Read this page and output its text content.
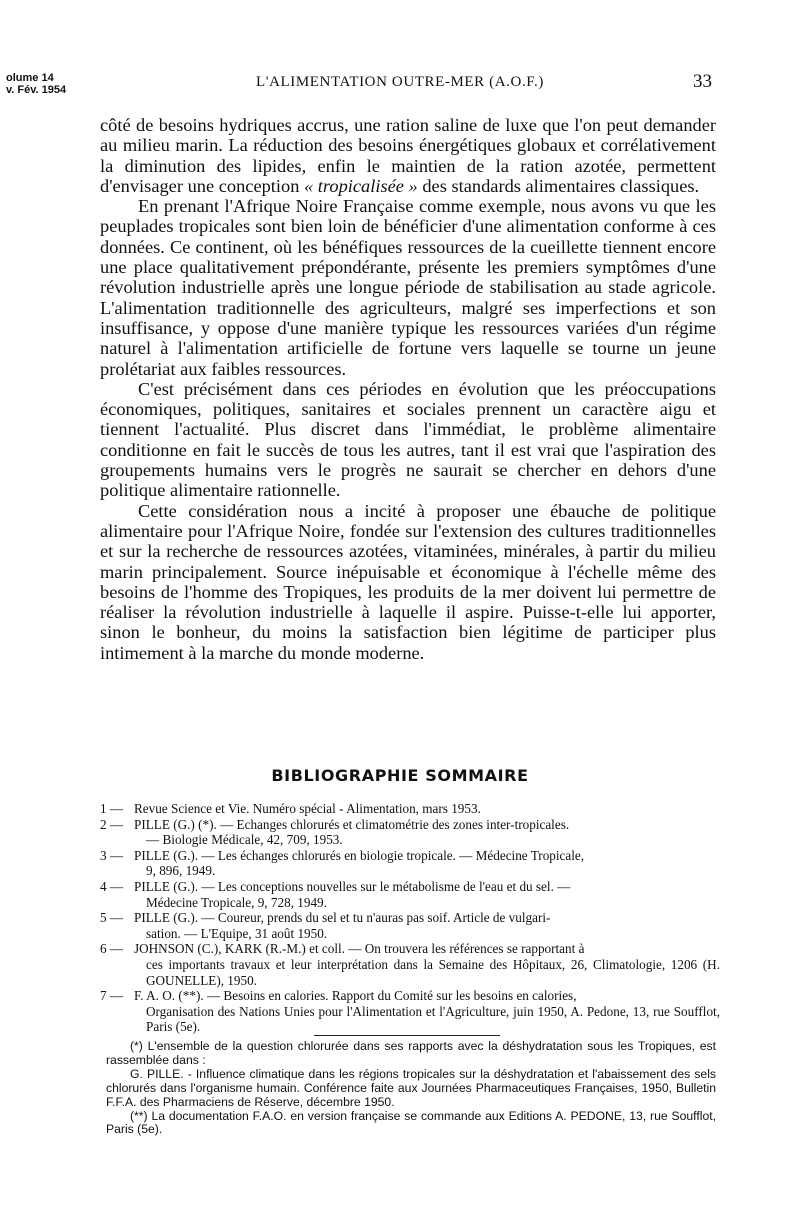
olume 14
v. Fév. 1954	L'ALIMENTATION OUTRE-MER (A.O.F.)	33

côté de besoins hydriques accrus, une ration saline de luxe que l'on peut demander au milieu marin. La réduction des besoins énergétiques globaux et corrélativement la diminution des lipides, enfin le maintien de la ration azotée, permettent d'envisager une conception « tropicalisée » des standards alimentaires classiques.

En prenant l'Afrique Noire Française comme exemple, nous avons vu que les peuplades tropicales sont bien loin de bénéficier d'une alimentation conforme à ces données. Ce continent, où les bénéfiques ressources de la cueillette tiennent encore une place qualitativement prépondérante, présente les premiers symptômes d'une révolution industrielle après une longue période de stabilisation au stade agricole. L'alimentation traditionnelle des agriculteurs, malgré ses imperfections et son insuffisance, y oppose d'une manière typique les ressources variées d'un régime naturel à l'alimentation artificielle de fortune vers laquelle se tourne un jeune prolétariat aux faibles ressources.

C'est précisément dans ces périodes en évolution que les préoccupations économiques, politiques, sanitaires et sociales prennent un caractère aigu et tiennent l'actualité. Plus discret dans l'immédiat, le problème alimentaire conditionne en fait le succès de tous les autres, tant il est vrai que l'aspiration des groupements humains vers le progrès ne saurait se chercher en dehors d'une politique alimentaire rationnelle.

Cette considération nous a incité à proposer une ébauche de politique alimentaire pour l'Afrique Noire, fondée sur l'extension des cultures traditionnelles et sur la recherche de ressources azotées, vitaminées, minérales, à partir du milieu marin principalement. Source inépuisable et économique à l'échelle même des besoins de l'homme des Tropiques, les produits de la mer doivent lui permettre de réaliser la révolution industrielle à laquelle il aspire. Puisse-t-elle lui apporter, sinon le bonheur, du moins la satisfaction bien légitime de participer plus intimement à la marche du monde moderne.

BIBLIOGRAPHIE SOMMAIRE
1 — Revue Science et Vie. Numéro spécial - Alimentation, mars 1953.
2 — PILLE (G.) (*). — Echanges chlorurés et climatométrie des zones inter-tropicales.
— Biologie Médicale, 42, 709, 1953.
3 — PILLE (G.). — Les échanges chlorurés en biologie tropicale. — Médecine Tropicale,
9, 896, 1949.
4 — PILLE (G.). — Les conceptions nouvelles sur le métabolisme de l'eau et du sel. —
Médecine Tropicale, 9, 728, 1949.
5 — PILLE (G.). — Coureur, prends du sel et tu n'auras pas soif. Article de vulgari-
sation. — L'Equipe, 31 août 1950.
6 — JOHNSON (C.), KARK (R.-M.) et coll. — On trouvera les références se rapportant à
ces importants travaux et leur interprétation dans la Semaine des Hôpitaux, 26, Climatologie, 1206 (H. GOUNELLE), 1950.
7 — F. A. O. (**). — Besoins en calories. Rapport du Comité sur les besoins en calories,
Organisation des Nations Unies pour l'Alimentation et l'Agriculture, juin 1950, A. Pedone, 13, rue Soufflot, Paris (5e).

(*) L'ensemble de la question chlorurée dans ses rapports avec la déshydratation sous les Tropiques, est rassemblée dans :

G. PILLE. - Influence climatique dans les régions tropicales sur la déshydratation et l'abaissement des sels chlorurés dans l'organisme humain. Conférence faite aux Journées Pharmaceutiques Françaises, 1950, Bulletin F.F.A. des Pharmaciens de Réserve, décembre 1950.

(**) La documentation F.A.O. en version française se commande aux Editions A. PEDONE, 13, rue Soufflot, Paris (5e).
